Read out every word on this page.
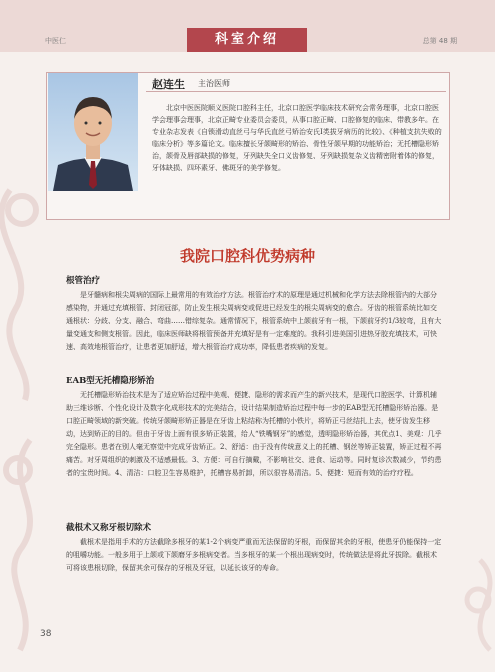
中医仁	总第 48 期
科室介绍
赵连生 主治医师

北京中医医院顺义医院口腔科主任，北京口腔医学临床技术研究会常务理事，北京口腔医学会理事会理事，北京正畸专业委员会委员，从事口腔正畸、口腔修复的临床、带教多年。在专业杂志发表《自锁滑动直丝弓与华氏直丝弓矫治安氏Ⅰ类拔牙病历的比较》、《种植支抗失败的临床分析》等多篇论文。临床擅长牙颌畸形的矫治、骨性牙颌早期的功能矫治；无托槽隐形矫治，颌骨及唇部缺损的修复，牙列缺失全口义齿修复、牙列缺损复杂义齿精密附着体的修复，牙体缺损、四环素牙、佛斑牙的美学修复。

我院口腔科优势病种
根管治疗

是牙髓病和根尖周病的国际上最常用的有效治疗方法。根管治疗术的原理是通过机械和化学方法去除根管内的大部分感染物，并通过充填根管、封闭冠部，防止发生根尖周病变或促进已经发生的根尖周病变的愈合。牙齿的根管系统比如交通根状：分歧、分支、融合、弯曲……错综复杂。通常情况下，根管系统中上颌前牙有一根，下颌前牙约1/3较弯，且有大量变通支和侧支根管。因此，临床医师缺将根管预备并充填好是有一定难度的。我科引进美国引进热牙胶充填技术，可快速、高效地根管治疗，让患者更加舒适，增大根管治疗成功率，降低患者疾病的发复。

EAB型无托槽隐形矫治

无托槽隐形矫治技术是为了适应矫治过程中美观、便捷、隐形的需求而产生的新兴技术，是现代口腔医学、计算机辅助三维诊断、个性化设计及数字化成形技术的完美结合，设计结果制造矫治过程中每一步的EAB型无托槽隐形矫治器。是口腔正畸领域的新突破。传统牙颌畸形矫正器是在牙齿上粘结称为托槽的小铁片，将矫正弓丝结扎上去，使牙齿发生移动，达到矫正的目的。但由于牙齿上面有很多矫正装置，给人“铁嘴钢牙”的感觉，透明隐形矫治器，其优点1、美观：几乎完全隐形。患者在别人毫无察觉中完成牙齿矫正。2、舒适：由于没有传统意义上的托槽、钢丝等矫正装置，矫正过程不再痛苦。对牙周组织的刺激及不适感最低。3、方便：可自行摘戴，不影响社交、进食、运动等。同时复诊次数减少，节约患者的宝贵时间。4、清洁：口腔卫生容易维护，托槽容易折卸，所以很容易清洁。5、便捷：短而有效的治疗疗程。

截根术又称牙根切除术

截根术是指用手术的方法截除多根牙的某1-2个病变严重而无法保留的牙根，而保留其余的牙根，使患牙仍能保持一定的咀嚼功能。一般多用于上颌或下颌磨牙多根病变者。当多根牙的某一个根出现病变时，传统做法是将此牙拔除。截根术可将该患根切除，保留其余可保存的牙根及牙冠，以延长该牙的寿命。

38
